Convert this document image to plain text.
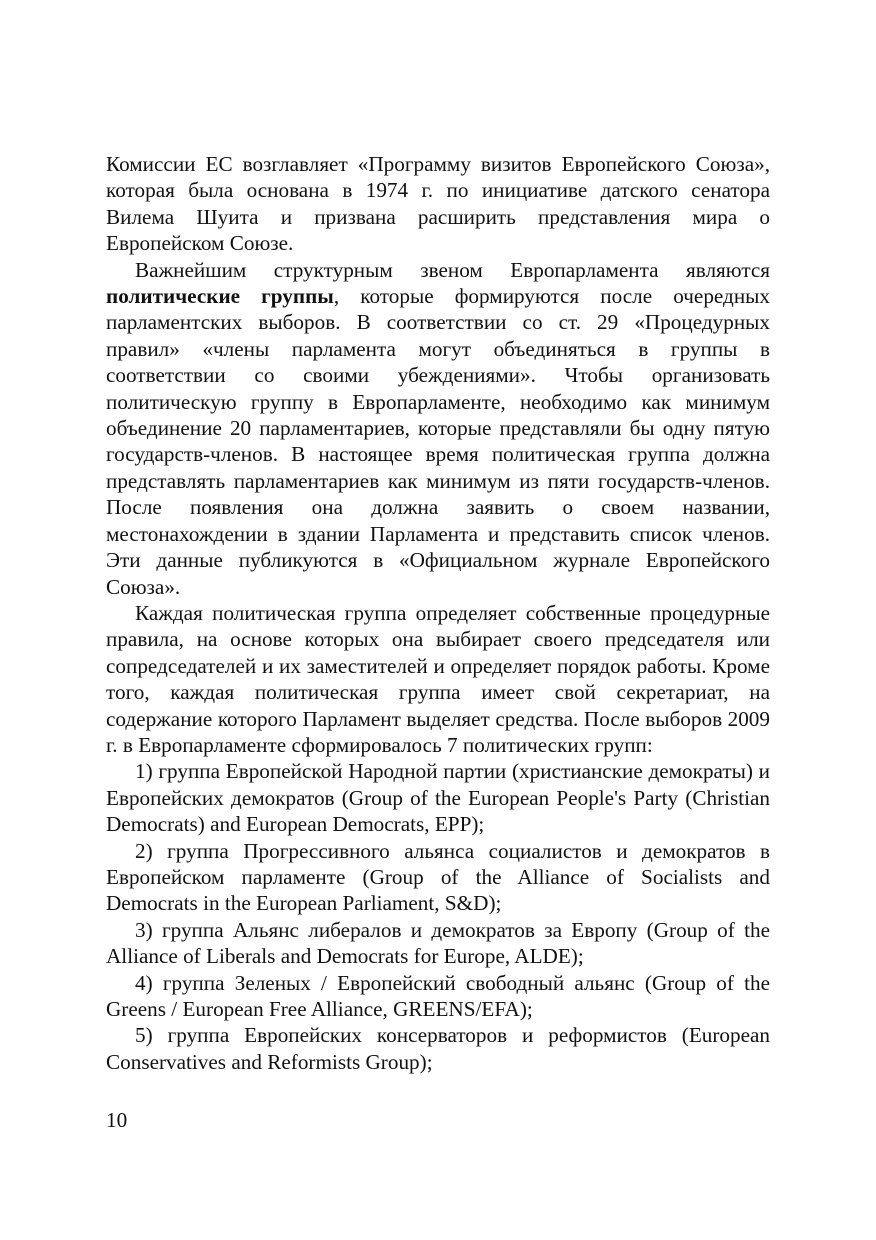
Комиссии ЕС возглавляет «Программу визитов Европейского Союза», которая была основана в 1974 г. по инициативе датского сенатора Вилема Шуита и призвана расширить представления мира о Европейском Союзе.

Важнейшим структурным звеном Европарламента являются политические группы, которые формируются после очередных парламентских выборов. В соответствии со ст. 29 «Процедурных правил» «члены парламента могут объединяться в группы в соответствии со своими убеждениями». Чтобы организовать политическую группу в Европарламенте, необходимо как минимум объединение 20 парламентариев, которые представляли бы одну пятую государств-членов. В настоящее время политическая группа должна представлять парламентариев как минимум из пяти государств-членов. После появления она должна заявить о своем названии, местонахождении в здании Парламента и представить список членов. Эти данные публикуются в «Официальном журнале Европейского Союза».

Каждая политическая группа определяет собственные процедурные правила, на основе которых она выбирает своего председателя или сопредседателей и их заместителей и определяет порядок работы. Кроме того, каждая политическая группа имеет свой секретариат, на содержание которого Парламент выделяет средства. После выборов 2009 г. в Европарламенте сформировалось 7 политических групп:

1) группа Европейской Народной партии (христианские демократы) и Европейских демократов (Group of the European People's Party (Christian Democrats) and European Democrats, EPP);

2) группа Прогрессивного альянса социалистов и демократов в Европейском парламенте (Group of the Alliance of Socialists and Democrats in the European Parliament, S&D);

3) группа Альянс либералов и демократов за Европу (Group of the Alliance of Liberals and Democrats for Europe, ALDE);

4) группа Зеленых / Европейский свободный альянс (Group of the Greens / European Free Alliance, GREENS/EFA);

5) группа Европейских консерваторов и реформистов (European Conservatives and Reformists Group);

10
